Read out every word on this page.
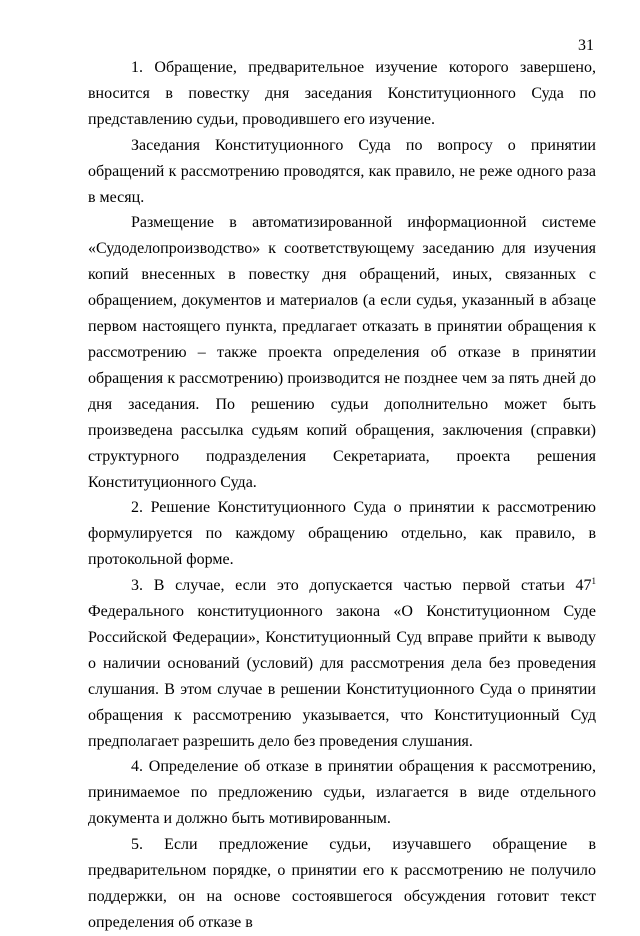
31

1. Обращение, предварительное изучение которого завершено, вносится в повестку дня заседания Конституционного Суда по представлению судьи, проводившего его изучение.

Заседания Конституционного Суда по вопросу о принятии обращений к рассмотрению проводятся, как правило, не реже одного раза в месяц.

Размещение в автоматизированной информационной системе «Судоделопроизводство» к соответствующему заседанию для изучения копий внесенных в повестку дня обращений, иных, связанных с обращением, документов и материалов (а если судья, указанный в абзаце первом настоящего пункта, предлагает отказать в принятии обращения к рассмотрению – также проекта определения об отказе в принятии обращения к рассмотрению) производится не позднее чем за пять дней до дня заседания. По решению судьи дополнительно может быть произведена рассылка судьям копий обращения, заключения (справки) структурного подразделения Секретариата, проекта решения Конституционного Суда.

2. Решение Конституционного Суда о принятии к рассмотрению формулируется по каждому обращению отдельно, как правило, в протокольной форме.

3. В случае, если это допускается частью первой статьи 47$^1$ Федерального конституционного закона «О Конституционном Суде Российской Федерации», Конституционный Суд вправе прийти к выводу о наличии оснований (условий) для рассмотрения дела без проведения слушания. В этом случае в решении Конституционного Суда о принятии обращения к рассмотрению указывается, что Конституционный Суд предполагает разрешить дело без проведения слушания.

4. Определение об отказе в принятии обращения к рассмотрению, принимаемое по предложению судьи, излагается в виде отдельного документа и должно быть мотивированным.

5. Если предложение судьи, изучавшего обращение в предварительном порядке, о принятии его к рассмотрению не получило поддержки, он на основе состоявшегося обсуждения готовит текст определения об отказе в
